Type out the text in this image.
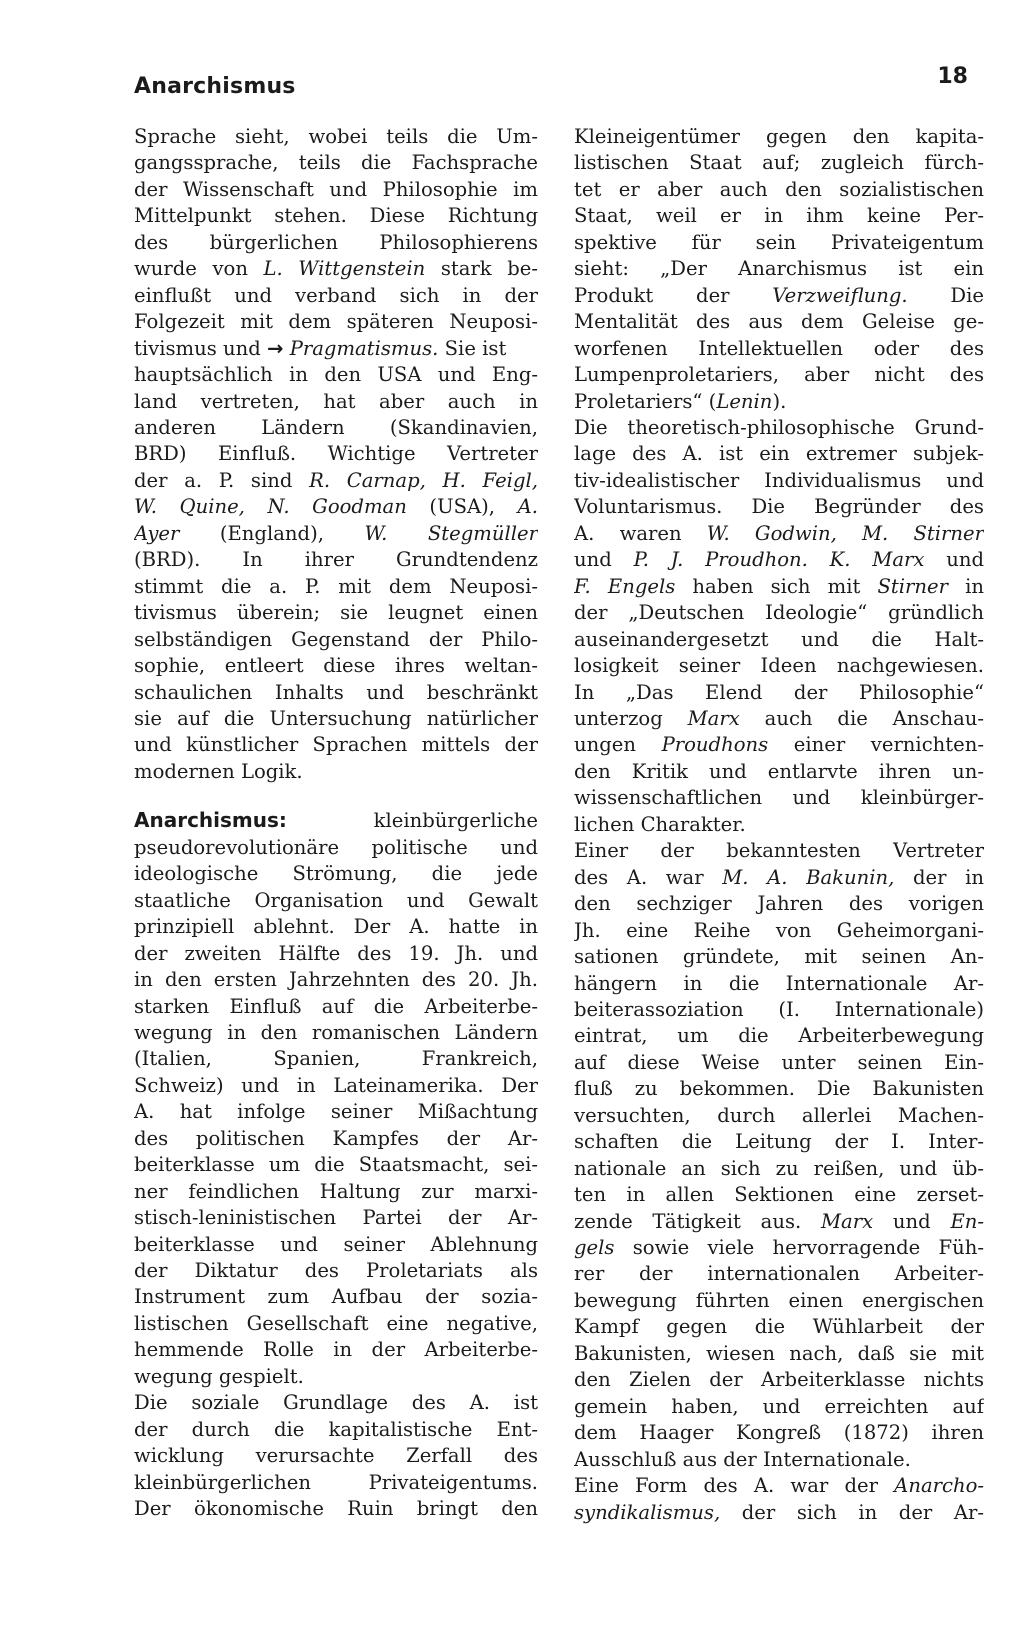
Anarchismus	18
Sprache sieht, wobei teils die Um-
gangssprache, teils die Fachsprache
der Wissenschaft und Philosophie im
Mittelpunkt stehen. Diese Richtung
des bürgerlichen Philosophierens
wurde von L. Wittgenstein stark be-
einflußt und verband sich in der
Folgezeit mit dem späteren Neuposi-
tivismus und → Pragmatismus. Sie ist
hauptsächlich in den USA und Eng-
land vertreten, hat aber auch in
anderen Ländern (Skandinavien,
BRD) Einfluß. Wichtige Vertreter
der a. P. sind R. Carnap, H. Feigl,
W. Quine, N. Goodman (USA), A.
Ayer (England), W. Stegmüller
(BRD). In ihrer Grundtendenz
stimmt die a. P. mit dem Neuposi-
tivismus überein; sie leugnet einen
selbständigen Gegenstand der Philo-
sophie, entleert diese ihres weltan-
schaulichen Inhalts und beschränkt
sie auf die Untersuchung natürlicher
und künstlicher Sprachen mittels der
modernen Logik.
Anarchismus: kleinbürgerliche
pseudorevolutionäre politische und
ideologische Strömung, die jede
staatliche Organisation und Gewalt
prinzipiell ablehnt. Der A. hatte in
der zweiten Hälfte des 19. Jh. und
in den ersten Jahrzehnten des 20. Jh.
starken Einfluß auf die Arbeiterbe-
wegung in den romanischen Ländern
(Italien, Spanien, Frankreich,
Schweiz) und in Lateinamerika. Der
A. hat infolge seiner Mißachtung
des politischen Kampfes der Ar-
beiterklasse um die Staatsmacht, sei-
ner feindlichen Haltung zur marxi-
stisch-leninistischen Partei der Ar-
beiterklasse und seiner Ablehnung
der Diktatur des Proletariats als
Instrument zum Aufbau der sozia-
listischen Gesellschaft eine negative,
hemmende Rolle in der Arbeiterbe-
wegung gespielt.
Die soziale Grundlage des A. ist
der durch die kapitalistische Ent-
wicklung verursachte Zerfall des
kleinbürgerlichen Privateigentums.
Der ökonomische Ruin bringt den
Kleineigentümer gegen den kapita-
listischen Staat auf; zugleich fürch-
tet er aber auch den sozialistischen
Staat, weil er in ihm keine Per-
spektive für sein Privateigentum
sieht: „Der Anarchismus ist ein
Produkt der Verzweiflung. Die
Mentalität des aus dem Geleise ge-
worfenen Intellektuellen oder des
Lumpenproletariers, aber nicht des
Proletariers“ (Lenin).
Die theoretisch-philosophische Grund-
lage des A. ist ein extremer subjek-
tiv-idealistischer Individualismus und
Voluntarismus. Die Begründer des
A. waren W. Godwin, M. Stirner
und P. J. Proudhon. K. Marx und
F. Engels haben sich mit Stirner in
der „Deutschen Ideologie“ gründlich
auseinandergesetzt und die Halt-
losigkeit seiner Ideen nachgewiesen.
In „Das Elend der Philosophie“
unterzog Marx auch die Anschau-
ungen Proudhons einer vernichten-
den Kritik und entlarvte ihren un-
wissenschaftlichen und kleinbürger-
lichen Charakter.
Einer der bekanntesten Vertreter
des A. war M. A. Bakunin, der in
den sechziger Jahren des vorigen
Jh. eine Reihe von Geheimorgani-
sationen gründete, mit seinen An-
hängern in die Internationale Ar-
beiterassoziation (I. Internationale)
eintrat, um die Arbeiterbewegung
auf diese Weise unter seinen Ein-
fluß zu bekommen. Die Bakunisten
versuchten, durch allerlei Machen-
schaften die Leitung der I. Inter-
nationale an sich zu reißen, und üb-
ten in allen Sektionen eine zerset-
zende Tätigkeit aus. Marx und En-
gels sowie viele hervorragende Füh-
rer der internationalen Arbeiter-
bewegung führten einen energischen
Kampf gegen die Wühlarbeit der
Bakunisten, wiesen nach, daß sie mit
den Zielen der Arbeiterklasse nichts
gemein haben, und erreichten auf
dem Haager Kongreß (1872) ihren
Ausschluß aus der Internationale.
Eine Form des A. war der Anarcho-
syndikalismus, der sich in der Ar-
